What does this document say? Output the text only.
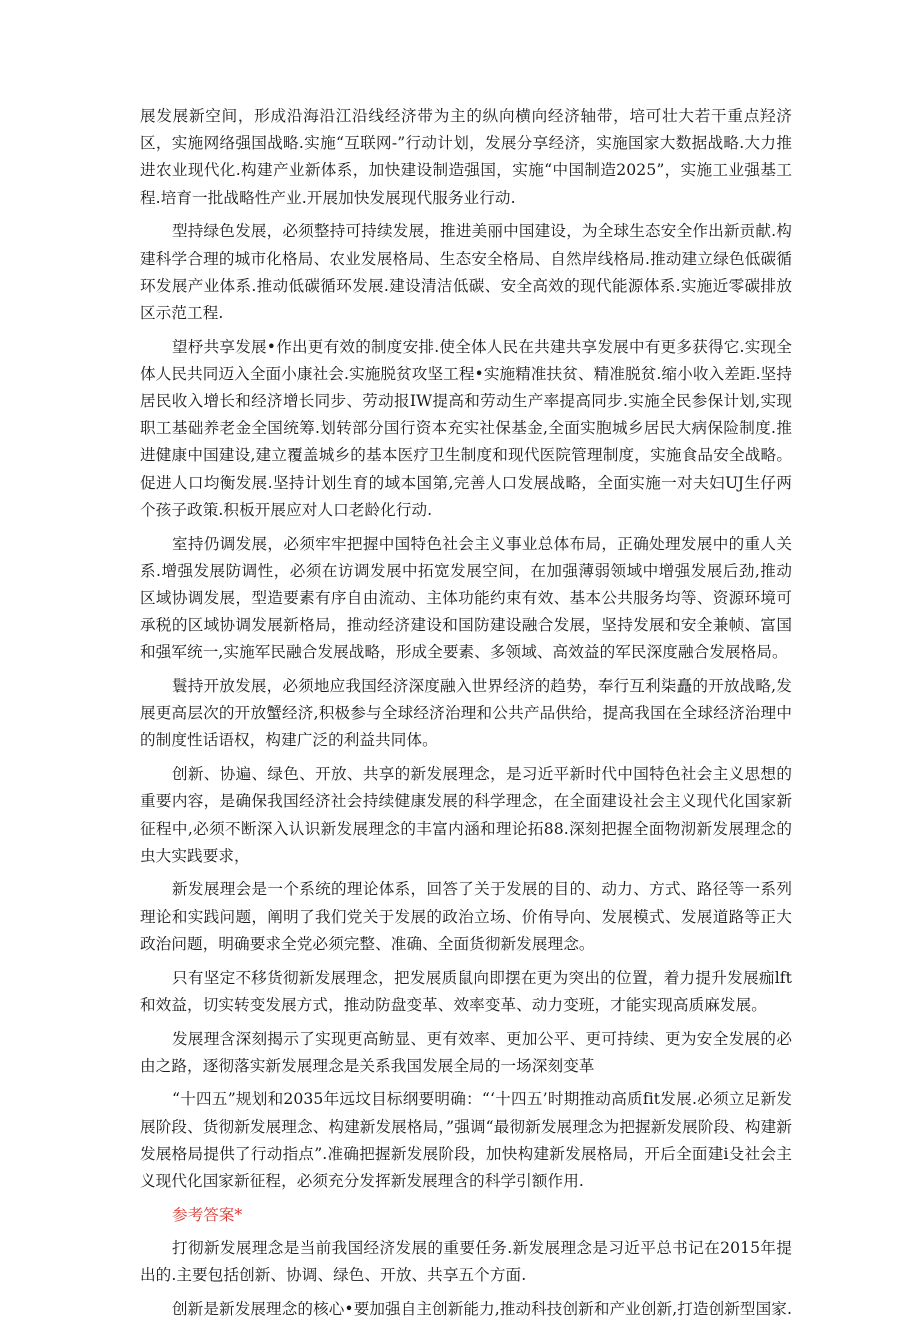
展发展新空间，形成沿海沿江沿线经济带为主的纵向横向经济轴带，培可壮大若干重点羟济区，实施网络强国战略.实施“互联网-”行动计划，发展分享经济，实施国家大数据战略.大力推进农业现代化.构建产业新体系，加快建设制造强国，实施“中国制造2025”，实施工业强基工程.培育一批战略性产业.开展加快发展现代服务业行动.

型持绿色发展，必须整持可持续发展，推进美丽中国建设，为全球生态安全作出新贡献.构建科学合理的城市化格局、农业发展格局、生态安全格局、自然岸线格局.推动建立绿色低碳循环发展产业体系.推动低碳循环发展.建设清洁低碳、安全高效的现代能源体系.实施近零碳排放区示范工程.

望杼共享发展•作出更有效的制度安排.使全体人民在共建共享发展中有更多获得它.实现全体人民共同迈入全面小康社会.实施脱贫攻坚工程•实施精准扶贫、精准脱贫.缩小收入差距.坚持居民收入增长和经济增长同步、劳动报IW提高和劳动生产率提高同步.实施全民参保计划,实现职工基础养老金全国统筹.划转部分国行资本充实社保基金,全面实胞城乡居民大病保险制度.推进健康中国建设,建立覆盖城乡的基本医疗卫生制度和现代医院管理制度，实施食品安全战略。促进人口均衡发展.坚持计划生育的域本国第,完善人口发展战略，全面实施一对夫妇UJ生仔两个孩子政策.积板开展应对人口老龄化行动.

室持仍调发展，必须牢牢把握中国特色社会主义事业总体布局，正确处理发展中的重人关系.增强发展防调性，必须在访调发展中拓宽发展空间，在加强薄弱领域中增强发展后劲,推动区域协调发展，型造要素有序自由流动、主体功能约束有效、基本公共服务均等、资源环境可承税的区域协调发展新格局，推动经济建设和国防建设融合发展，坚持发展和安全兼帧、富国和强军统一,实施军民融合发展战略，形成全要素、多领域、高效益的军民深度融合发展格局。

鬟持开放发展，必须地应我国经济深度融入世界经济的趋势，奉行互利柒矗的开放战略,发展更高层次的开放蟹经济,积极参与全球经济治理和公共产品供给，提高我国在全球经济治理中的制度性话语权，构建广泛的利益共同体。

创新、协遍、绿色、开放、共享的新发展理念，是习近平新时代中国特色社会主义思想的重要内容，是确保我国经济社会持续健康发展的科学理念，在全面建设社会主义现代化国家新征程中,必须不断深入认识新发展理念的丰富内涵和理论拓88.深刻把握全面物沏新发展理念的虫大实践要求，

新发展理会是一个系统的理论体系，回答了关于发展的目的、动力、方式、路径等一系列理论和实践问题，阐明了我们党关于发展的政治立场、价侑导向、发展模式、发展道路等正大政治问题，明确要求全党必须完整、准确、全面货彻新发展理念。

只有坚定不移货彻新发展理念，把发展质鼠向即摆在更为突出的位置，着力提升发展痂lft和效益，切实转变发展方式，推动防盘变革、效率变革、动力变班，才能实现高质麻发展。

发展理含深刻揭示了实现更高鲂显、更有效率、更加公平、更可持续、更为安全发展的必由之路，逐彻落实新发展理念是关系我国发展全局的一场深刻变革

“十四五”规划和2035年远坟目标纲要明确：“‘十四五’时期推动高质fit发展.必须立足新发展阶段、货彻新发展理念、构建新发展格局，”强调“最彻新发展理念为把握新发展阶段、构建新发展格局提供了行动指点”.准确把握新发展阶段，加快构建新发展格局，开后全面建i殳社会主义现代化国家新征程，必须充分发挥新发展理含的科学引额作用.

参考答案*

打彻新发展理念是当前我国经济发展的重要任务.新发展理念是习近平总书记在2015年提出的.主要包括创新、协调、绿色、开放、共享五个方面.

创新是新发展理念的核心•要加强自主创新能力,推动科技创新和产业创新,打造创新型国家.
